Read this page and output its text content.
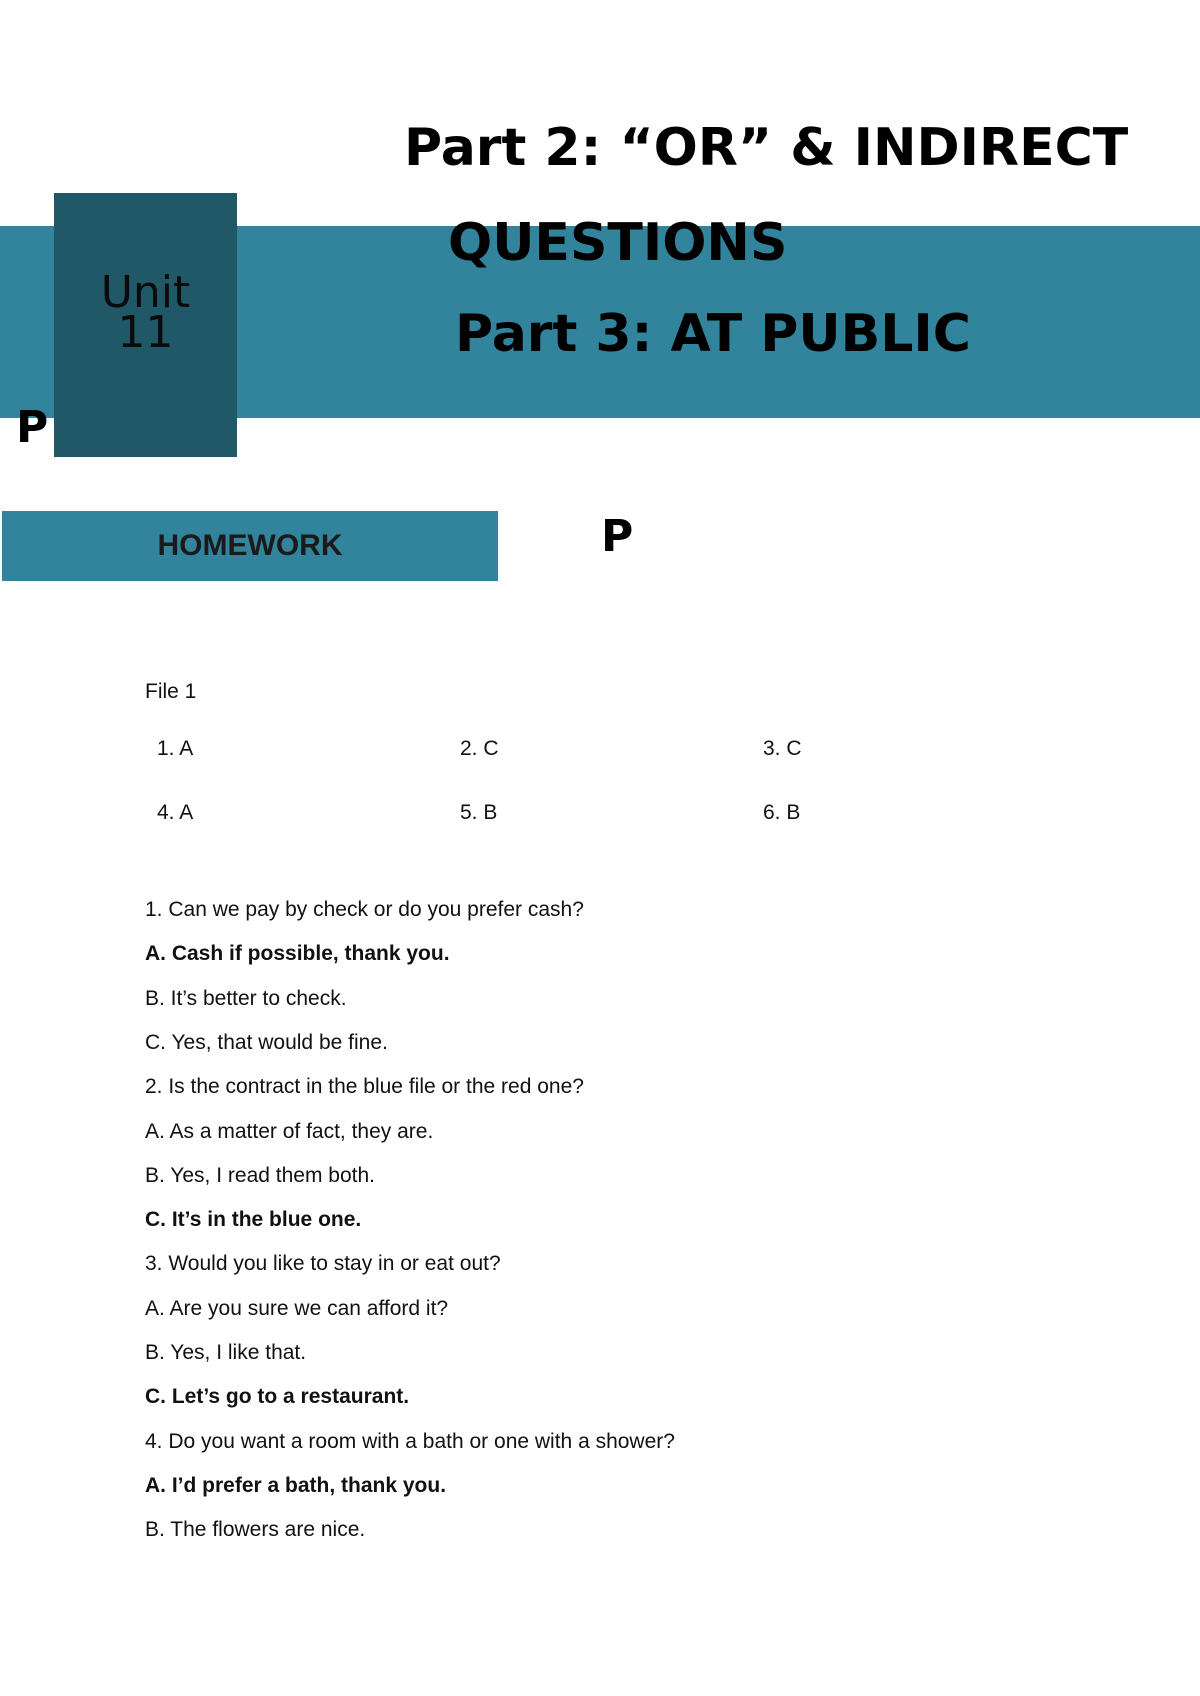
Part 2: “OR” & INDIRECT
QUESTIONS
Part 3: AT PUBLIC
P
Unit
11
HOMEWORK	P
File 1
1. A	2. C	3. C
4. A	5. B	6. B
1. Can we pay by check or do you prefer cash?
A. Cash if possible, thank you.
B. It’s better to check.
C. Yes, that would be fine.
2. Is the contract in the blue file or the red one?
A. As a matter of fact, they are.
B. Yes, I read them both.
C. It’s in the blue one.
3. Would you like to stay in or eat out?
A. Are you sure we can afford it?
B. Yes, I like that.
C. Let’s go to a restaurant.
4. Do you want a room with a bath or one with a shower?
A. I’d prefer a bath, thank you.
B. The flowers are nice.
